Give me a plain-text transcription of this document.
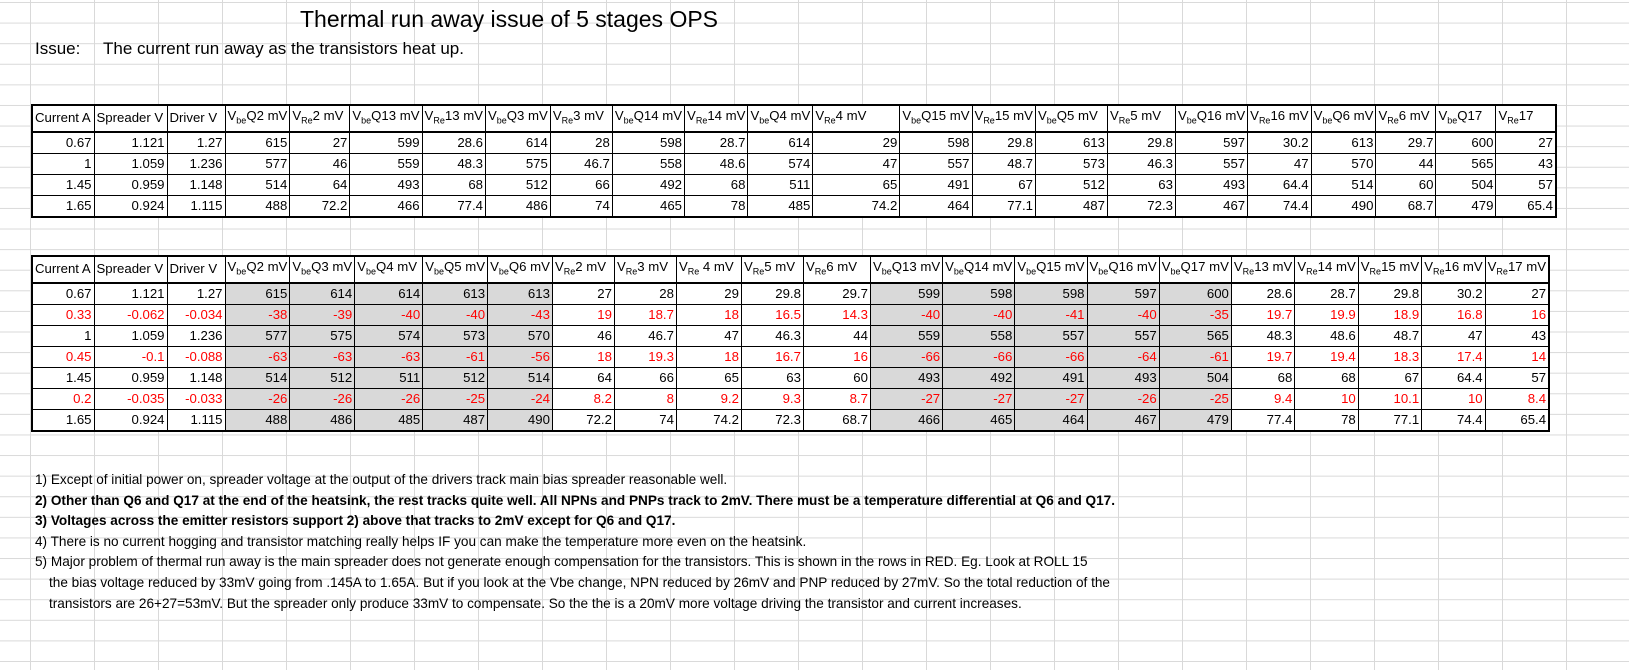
Thermal run away issue of 5 stages OPS
Issue: The current run away as the transistors heat up.
Current A	Spreader V	Driver V	$V_{be}Q2$ mV	$V_{Re}2$ mV	$V_{be}Q13$ mV	$V_{Re}13$ mV	$V_{be}Q3$ mV	$V_{Re}3$ mV	$V_{be}Q14$ mV	$V_{Re}14$ mV	$V_{be}Q4$ mV	$V_{Re}4$ mV	$V_{be}Q15$ mV	$V_{Re}15$ mV	$V_{be}Q5$ mV	$V_{Re}5$ mV	$V_{be}Q16$ mV	$V_{Re}16$ mV	$V_{be}Q6$ mV	$V_{Re}6$ mV	$V_{be}Q17$	$V_{Re}17$
0.67	1.121	1.27	615	27	599	28.6	614	28	598	28.7	614	29	598	29.8	613	29.8	597	30.2	613	29.7	600	27
1	1.059	1.236	577	46	559	48.3	575	46.7	558	48.6	574	47	557	48.7	573	46.3	557	47	570	44	565	43
1.45	0.959	1.148	514	64	493	68	512	66	492	68	511	65	491	67	512	63	493	64.4	514	60	504	57
1.65	0.924	1.115	488	72.2	466	77.4	486	74	465	78	485	74.2	464	77.1	487	72.3	467	74.4	490	68.7	479	65.4
Current A	Spreader V	Driver V	$V_{be}Q2$ mV	$V_{be}Q3$ mV	$V_{be}Q4$ mV	$V_{be}Q5$ mV	$V_{be}Q6$ mV	$V_{Re}2$ mV	$V_{Re}3$ mV	$V_{Re}$ 4 mV	$V_{Re}5$ mV	$V_{Re}6$ mV	$V_{be}Q13$ mV	$V_{be}Q14$ mV	$V_{be}Q15$ mV	$V_{be}Q16$ mV	$V_{be}Q17$ mV	$V_{Re}13$ mV	$V_{Re}14$ mV	$V_{Re}15$ mV	$V_{Re}16$ mV	$V_{Re}17$ mV
0.67	1.121	1.27	615	614	614	613	613	27	28	29	29.8	29.7	599	598	598	597	600	28.6	28.7	29.8	30.2	27
0.33	-0.062	-0.034	-38	-39	-40	-40	-43	19	18.7	18	16.5	14.3	-40	-40	-41	-40	-35	19.7	19.9	18.9	16.8	16
1	1.059	1.236	577	575	574	573	570	46	46.7	47	46.3	44	559	558	557	557	565	48.3	48.6	48.7	47	43
0.45	-0.1	-0.088	-63	-63	-63	-61	-56	18	19.3	18	16.7	16	-66	-66	-66	-64	-61	19.7	19.4	18.3	17.4	14
1.45	0.959	1.148	514	512	511	512	514	64	66	65	63	60	493	492	491	493	504	68	68	67	64.4	57
0.2	-0.035	-0.033	-26	-26	-26	-25	-24	8.2	8	9.2	9.3	8.7	-27	-27	-27	-26	-25	9.4	10	10.1	10	8.4
1.65	0.924	1.115	488	486	485	487	490	72.2	74	74.2	72.3	68.7	466	465	464	467	479	77.4	78	77.1	74.4	65.4
1) Except of initial power on, spreader voltage at the output of the drivers track main bias spreader reasonable well.
2) Other than Q6 and Q17 at the end of the heatsink, the rest tracks quite well. All NPNs and PNPs track to 2mV. There must be a temperature differential at Q6 and Q17.
3) Voltages across the emitter resistors support 2) above that tracks to 2mV except for Q6 and Q17.
4) There is no current hogging and transistor matching really helps IF you can make the temperature more even on the heatsink.
5) Major problem of thermal run away is the main spreader does not generate enough compensation for the transistors. This is shown in the rows in RED. Eg. Look at ROLL 15
the bias voltage reduced by 33mV going from .145A to 1.65A. But if you look at the Vbe change, NPN reduced by 26mV and PNP reduced by 27mV. So the total reduction of the
transistors are 26+27=53mV. But the spreader only produce 33mV to compensate. So the the is a 20mV more voltage driving the transistor and current increases.
